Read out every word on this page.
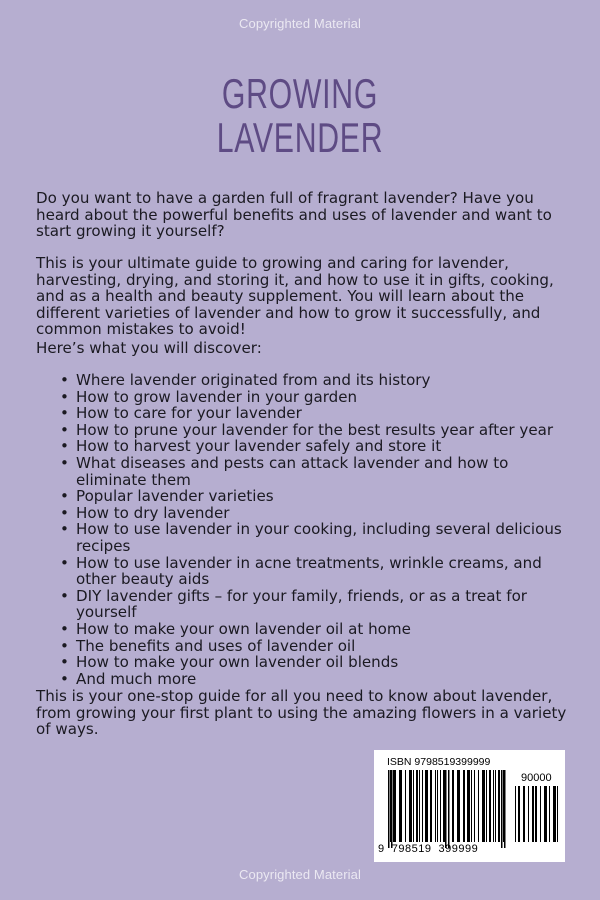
Copyrighted Material
GROWING
LAVENDER

Do you want to have a garden full of fragrant lavender? Have you heard about the powerful benefits and uses of lavender and want to start growing it yourself?

This is your ultimate guide to growing and caring for lavender, harvesting, drying, and storing it, and how to use it in gifts, cooking, and as a health and beauty supplement. You will learn about the different varieties of lavender and how to grow it successfully, and common mistakes to avoid!

Here’s what you will discover:

• Where lavender originated from and its history
• How to grow lavender in your garden
• How to care for your lavender
• How to prune your lavender for the best results year after year
• How to harvest your lavender safely and store it
• What diseases and pests can attack lavender and how to eliminate them
• Popular lavender varieties
• How to dry lavender
• How to use lavender in your cooking, including several delicious recipes
• How to use lavender in acne treatments, wrinkle creams, and other beauty aids
• DIY lavender gifts – for your family, friends, or as a treat for yourself
• How to make your own lavender oil at home
• The benefits and uses of lavender oil
• How to make your own lavender oil blends
• And much more

This is your one-stop guide for all you need to know about lavender, from growing your first plant to using the amazing flowers in a variety of ways.

ISBN 9798519399999
90000
9  798519  399999
Copyrighted Material
